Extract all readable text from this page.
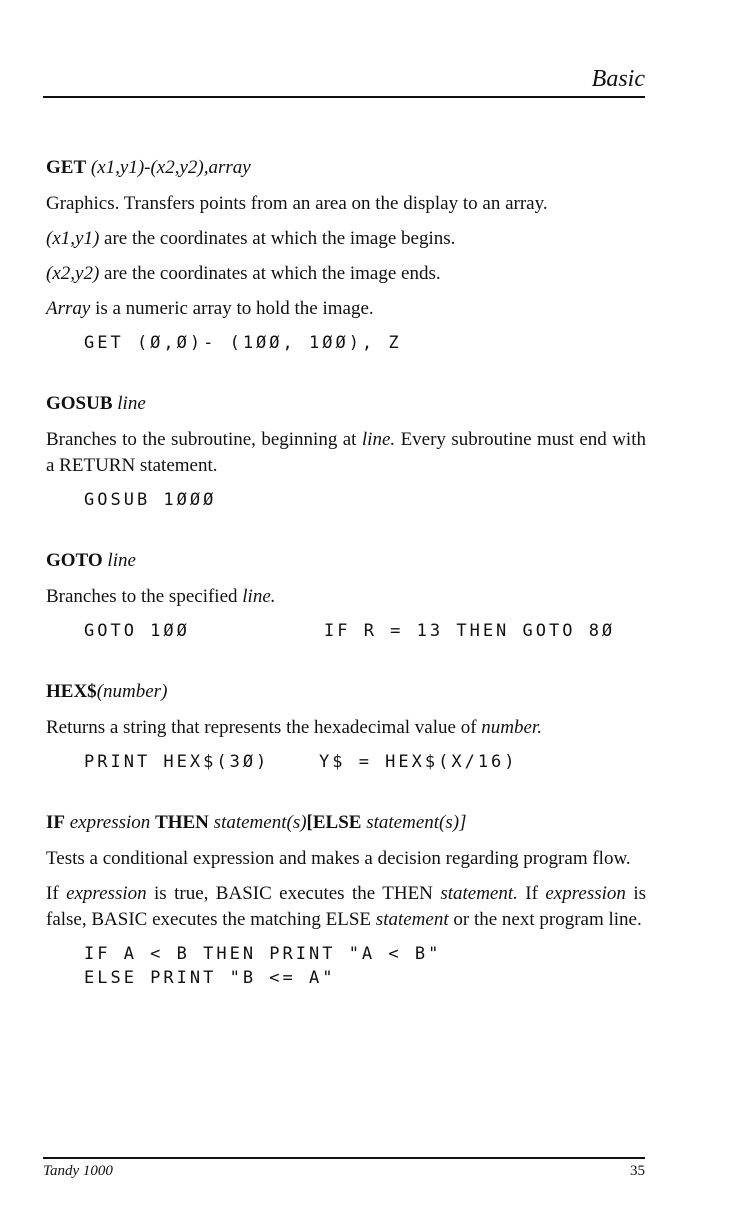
Basic
GET (x1,y1)-(x2,y2),array
Graphics. Transfers points from an area on the display to an array.
(x1,y1) are the coordinates at which the image begins.
(x2,y2) are the coordinates at which the image ends.
Array is a numeric array to hold the image.
GET (Ø,Ø)- (1ØØ, 1ØØ), Z
GOSUB line
Branches to the subroutine, beginning at line. Every subroutine must end with a RETURN statement.
GOSUB 1ØØØ
GOTO line
Branches to the specified line.
GOTO 1ØØ	IF R = 13 THEN GOTO 8Ø
HEX$(number)
Returns a string that represents the hexadecimal value of number.
PRINT HEX$(3Ø)	Y$ = HEX$(X/16)
IF expression THEN statement(s)[ELSE statement(s)]
Tests a conditional expression and makes a decision regarding program flow.
If expression is true, BASIC executes the THEN statement. If expression is false, BASIC executes the matching ELSE statement or the next program line.
IF A < B THEN PRINT "A < B"
ELSE PRINT "B <= A"
Tandy 1000	35
